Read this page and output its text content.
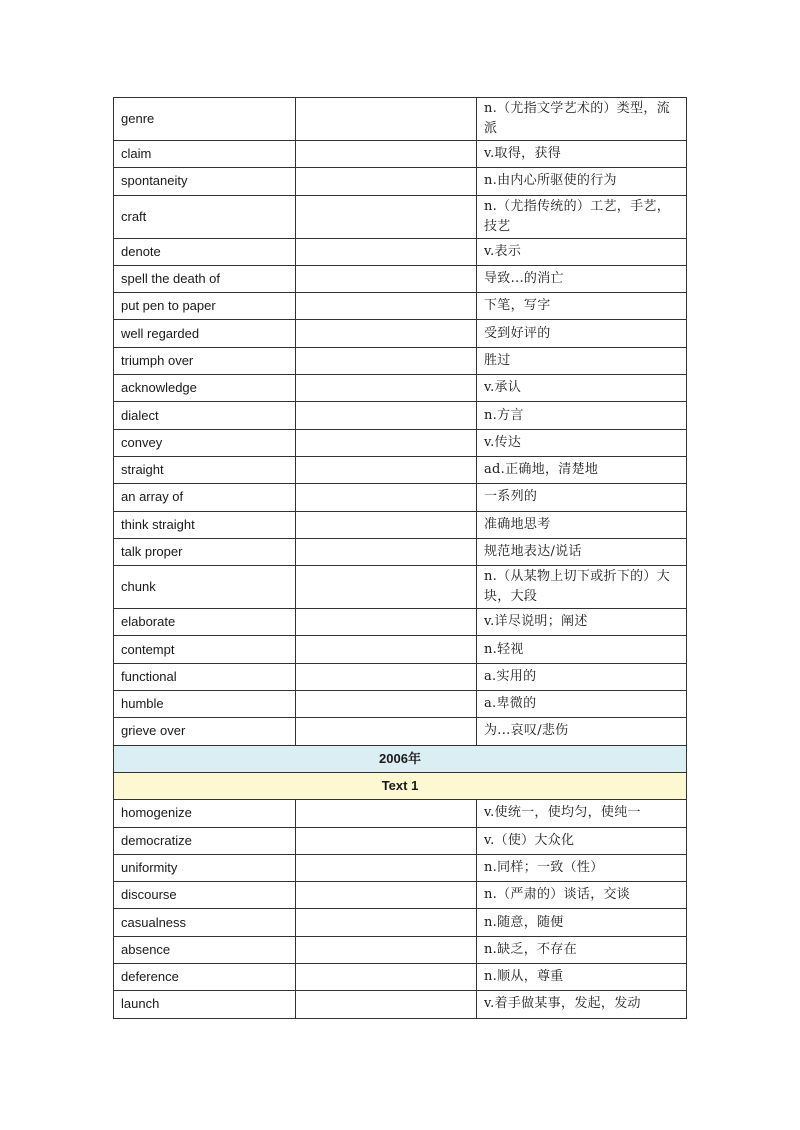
genre		n.（尤指文学艺术的）类型，流派
claim		v.取得，获得
spontaneity		n.由内心所驱使的行为
craft		n.（尤指传统的）工艺，手艺，技艺
denote		v.表示
spell the death of		导致...的消亡
put pen to paper		下笔，写字
well regarded		受到好评的
triumph over		胜过
acknowledge		v.承认
dialect		n.方言
convey		v.传达
straight		ad.正确地，清楚地
an array of		一系列的
think straight		准确地思考
talk proper		规范地表达/说话
chunk		n.（从某物上切下或折下的）大块，大段
elaborate		v.详尽说明；阐述
contempt		n.轻视
functional		a.实用的
humble		a.卑微的
grieve over		为...哀叹/悲伤
2006年		
Text 1		
homogenize		v.使统一，使均匀，使纯一
democratize		v.（使）大众化
uniformity		n.同样；一致（性）
discourse		n.（严肃的）谈话，交谈
casualness		n.随意，随便
absence		n.缺乏，不存在
deference		n.顺从，尊重
launch		v.着手做某事，发起，发动
